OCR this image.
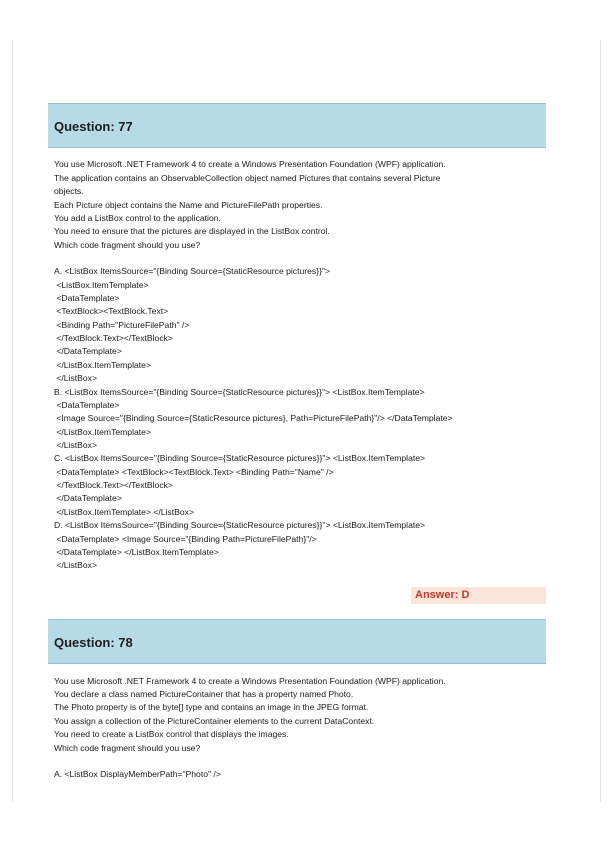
Question: 77
You use Microsoft .NET Framework 4 to create a Windows Presentation Foundation (WPF) application.
The application contains an ObservableCollection object named Pictures that contains several Picture
objects.
Each Picture object contains the Name and PictureFilePath properties.
You add a ListBox control to the application.
You need to ensure that the pictures are displayed in the ListBox control.
Which code fragment should you use?
A. <ListBox ItemsSource="{Binding Source={StaticResource pictures}}">
<ListBox.ItemTemplate>
<DataTemplate>
<TextBlock><TextBlock.Text>
<Binding Path="PictureFilePath" />
</TextBlock.Text></TextBlock>
</DataTemplate>
</ListBox.ItemTemplate>
</ListBox>
B. <ListBox ItemsSource="{Binding Source={StaticResource pictures}}"> <ListBox.ItemTemplate>
<DataTemplate>
<Image Source="{Binding Source={StaticResource pictures}, Path=PictureFilePath}"/> </DataTemplate>
</ListBox.ItemTemplate>
</ListBox>
C. <ListBox ItemsSource="{Binding Source={StaticResource pictures}}"> <ListBox.ItemTemplate>
<DataTemplate> <TextBlock><TextBlock.Text> <Binding Path="Name" />
</TextBlock.Text></TextBlock>
</DataTemplate>
</ListBox.ItemTemplate> </ListBox>
D. <ListBox ItemsSource="{Binding Source={StaticResource pictures}}"> <ListBox.ItemTemplate>
<DataTemplate> <Image Source="{Binding Path=PictureFilePath}"/>
</DataTemplate> </ListBox.ItemTemplate>
</ListBox>
Answer: D
Question: 78
You use Microsoft .NET Framework 4 to create a Windows Presentation Foundation (WPF) application.
You declare a class named PictureContainer that has a property named Photo.
The Photo property is of the byte[] type and contains an image in the JPEG format.
You assign a collection of the PictureContainer elements to the current DataContext.
You need to create a ListBox control that displays the images.
Which code fragment should you use?
A. <ListBox DisplayMemberPath="Photo" />
